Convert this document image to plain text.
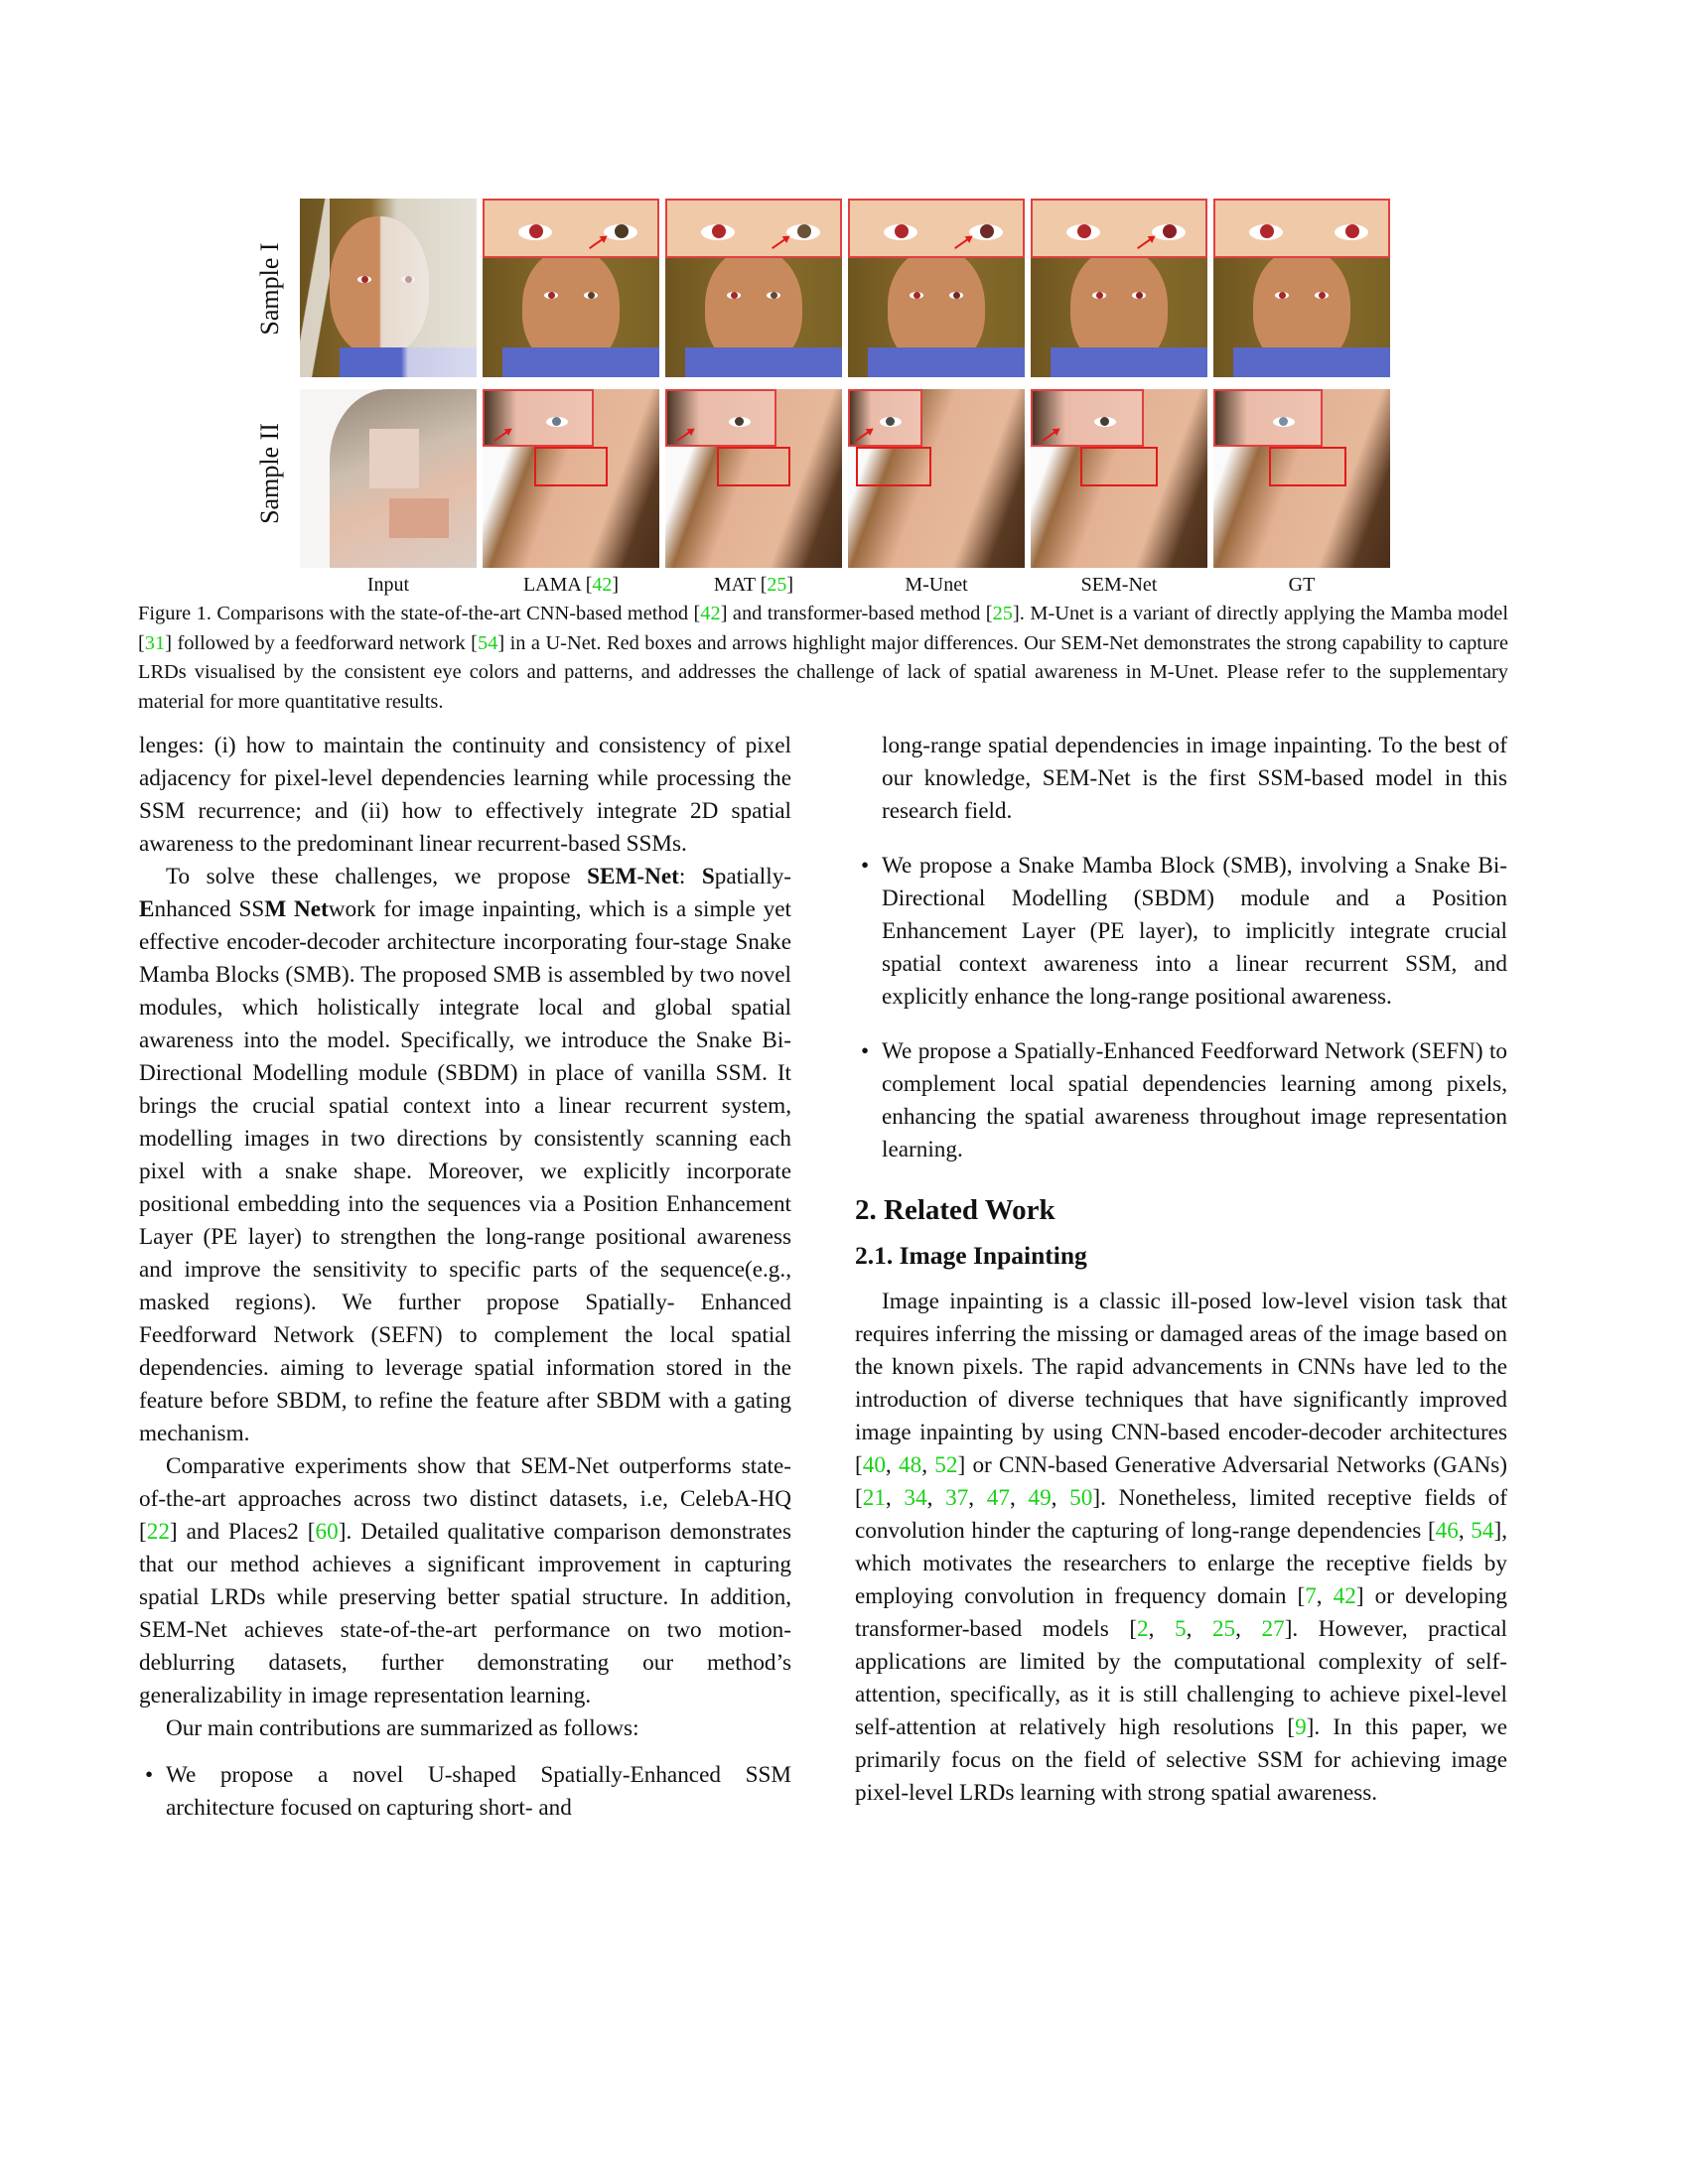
Sample I
Sample II
Input	LAMA [42]	MAT [25]	M-Unet	SEM-Net	GT
Figure 1. Comparisons with the state-of-the-art CNN-based method [42] and transformer-based method [25]. M-Unet is a variant of directly applying the Mamba model [31] followed by a feedforward network [54] in a U-Net. Red boxes and arrows highlight major differences. Our SEM-Net demonstrates the strong capability to capture LRDs visualised by the consistent eye colors and patterns, and addresses the challenge of lack of spatial awareness in M-Unet. Please refer to the supplementary material for more quantitative results.

lenges: (i) how to maintain the continuity and consistency of pixel adjacency for pixel-level dependencies learning while processing the SSM recurrence; and (ii) how to effectively integrate 2D spatial awareness to the predominant linear recurrent-based SSMs.

To solve these challenges, we propose SEM-Net: Spatially-Enhanced SSM Network for image inpainting, which is a simple yet effective encoder-decoder architecture incorporating four-stage Snake Mamba Blocks (SMB). The proposed SMB is assembled by two novel modules, which holistically integrate local and global spatial awareness into the model. Specifically, we introduce the Snake Bi-Directional Modelling module (SBDM) in place of vanilla SSM. It brings the crucial spatial context into a linear recurrent system, modelling images in two directions by consistently scanning each pixel with a snake shape. Moreover, we explicitly incorporate positional embedding into the sequences via a Position Enhancement Layer (PE layer) to strengthen the long-range positional awareness and improve the sensitivity to specific parts of the sequence(e.g., masked regions). We further propose Spatially- Enhanced Feedforward Network (SEFN) to complement the local spatial dependencies. aiming to leverage spatial information stored in the feature before SBDM, to refine the feature after SBDM with a gating mechanism.

Comparative experiments show that SEM-Net outperforms state-of-the-art approaches across two distinct datasets, i.e, CelebA-HQ [22] and Places2 [60]. Detailed qualitative comparison demonstrates that our method achieves a significant improvement in capturing spatial LRDs while preserving better spatial structure. In addition, SEM-Net achieves state-of-the-art performance on two motion-deblurring datasets, further demonstrating our method’s generalizability in image representation learning.

Our main contributions are summarized as follows:

• We propose a novel U-shaped Spatially-Enhanced SSM architecture focused on capturing short- and
long-range spatial dependencies in image inpainting. To the best of our knowledge, SEM-Net is the first SSM-based model in this research field.
• We propose a Snake Mamba Block (SMB), involving a Snake Bi-Directional Modelling (SBDM) module and a Position Enhancement Layer (PE layer), to implicitly integrate crucial spatial context awareness into a linear recurrent SSM, and explicitly enhance the long-range positional awareness.
• We propose a Spatially-Enhanced Feedforward Network (SEFN) to complement local spatial dependencies learning among pixels, enhancing the spatial awareness throughout image representation learning.
2. Related Work
2.1. Image Inpainting

Image inpainting is a classic ill-posed low-level vision task that requires inferring the missing or damaged areas of the image based on the known pixels. The rapid advancements in CNNs have led to the introduction of diverse techniques that have significantly improved image inpainting by using CNN-based encoder-decoder architectures [40, 48, 52] or CNN-based Generative Adversarial Networks (GANs) [21, 34, 37, 47, 49, 50]. Nonetheless, limited receptive fields of convolution hinder the capturing of long-range dependencies [46, 54], which motivates the researchers to enlarge the receptive fields by employing convolution in frequency domain [7, 42] or developing transformer-based models [2, 5, 25, 27]. However, practical applications are limited by the computational complexity of self-attention, specifically, as it is still challenging to achieve pixel-level self-attention at relatively high resolutions [9]. In this paper, we primarily focus on the field of selective SSM for achieving image pixel-level LRDs learning with strong spatial awareness.
